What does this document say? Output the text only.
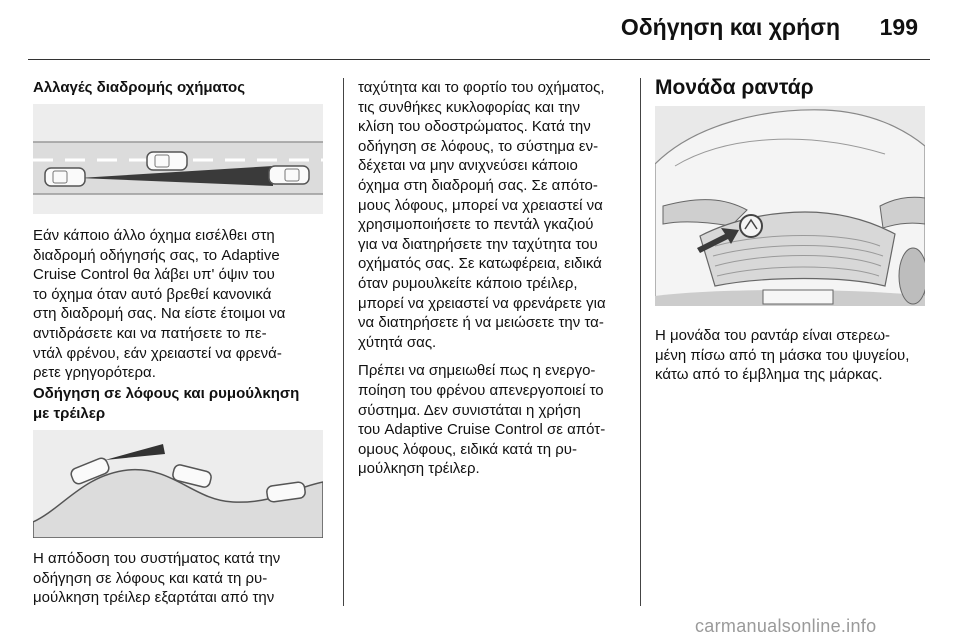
Οδήγηση και χρήση 199
Αλλαγές διαδρομής οχήματος

Εάν κάποιο άλλο όχημα εισέλθει στη
διαδρομή οδήγησής σας, το Adaptive
Cruise Control θα λάβει υπ' όψιν του
το όχημα όταν αυτό βρεθεί κανονικά
στη διαδρομή σας. Να είστε έτοιμοι να
αντιδράσετε και να πατήσετε το πε-
ντάλ φρένου, εάν χρειαστεί να φρενά-
ρετε γρηγορότερα.

Οδήγηση σε λόφους και ρυμούλκηση
με τρέιλερ

Η απόδοση του συστήματος κατά την
οδήγηση σε λόφους και κατά τη ρυ-
μούλκηση τρέιλερ εξαρτάται από την

ταχύτητα και το φορτίο του οχήματος,
τις συνθήκες κυκλοφορίας και την
κλίση του οδοστρώματος. Κατά την
οδήγηση σε λόφους, το σύστημα εν-
δέχεται να μην ανιχνεύσει κάποιο
όχημα στη διαδρομή σας. Σε απότο-
μους λόφους, μπορεί να χρειαστεί να
χρησιμοποιήσετε το πεντάλ γκαζιού
για να διατηρήσετε την ταχύτητα του
οχήματός σας. Σε κατωφέρεια, ειδικά
όταν ρυμουλκείτε κάποιο τρέιλερ,
μπορεί να χρειαστεί να φρενάρετε για
να διατηρήσετε ή να μειώσετε την τα-
χύτητά σας.

Πρέπει να σημειωθεί πως η ενεργο-
ποίηση του φρένου απενεργοποιεί το
σύστημα. Δεν συνιστάται η χρήση
του Adaptive Cruise Control σε απότ-
ομους λόφους, ειδικά κατά τη ρυ-
μούλκηση τρέιλερ.

Μονάδα ραντάρ

Η μονάδα του ραντάρ είναι στερεω-
μένη πίσω από τη μάσκα του ψυγείου,
κάτω από το έμβλημα της μάρκας.

carmanualsonline.info
